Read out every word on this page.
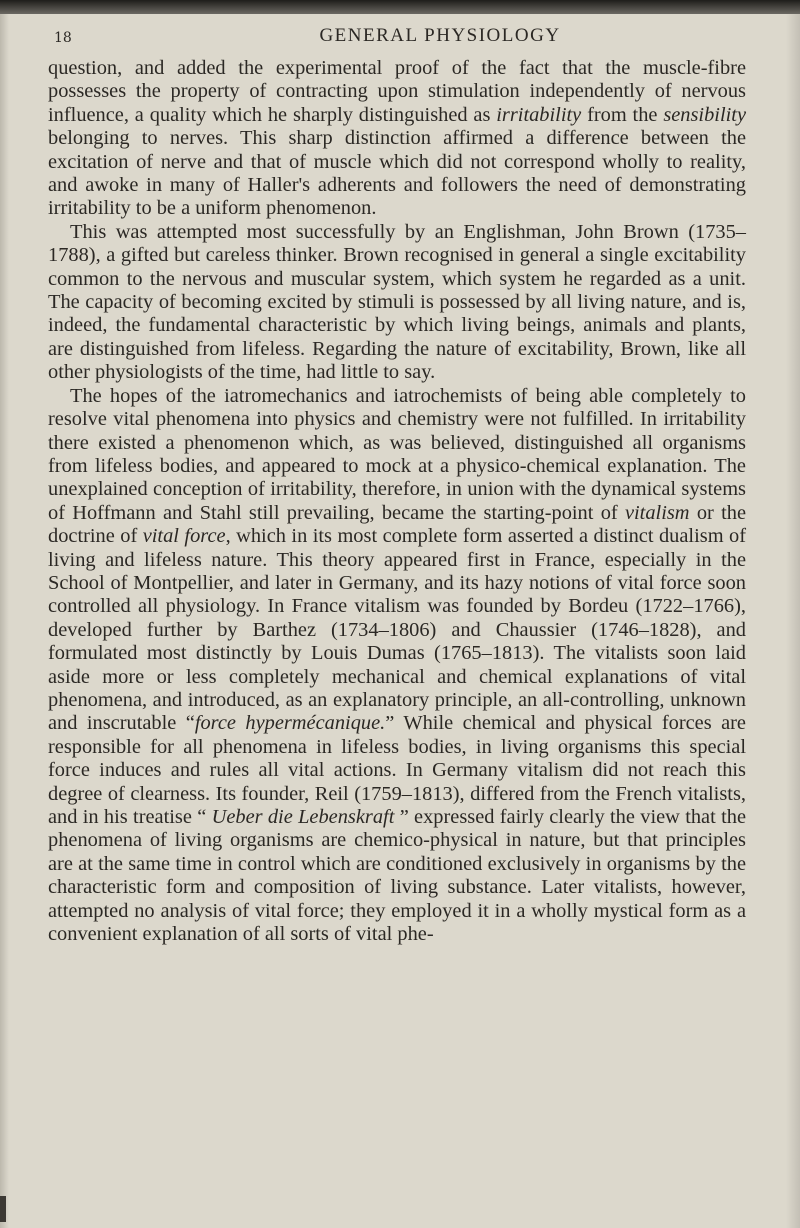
18	GENERAL PHYSIOLOGY

question, and added the experimental proof of the fact that the muscle-fibre possesses the property of contracting upon stimulation independently of nervous influence, a quality which he sharply distinguished as irritability from the sensibility belonging to nerves. This sharp distinction affirmed a difference between the excitation of nerve and that of muscle which did not correspond wholly to reality, and awoke in many of Haller's adherents and followers the need of demonstrating irritability to be a uniform phenomenon.

This was attempted most successfully by an Englishman, John Brown (1735–1788), a gifted but careless thinker. Brown recognised in general a single excitability common to the nervous and muscular system, which system he regarded as a unit. The capacity of becoming excited by stimuli is possessed by all living nature, and is, indeed, the fundamental characteristic by which living beings, animals and plants, are distinguished from lifeless. Regarding the nature of excitability, Brown, like all other physiologists of the time, had little to say.

The hopes of the iatromechanics and iatrochemists of being able completely to resolve vital phenomena into physics and chemistry were not fulfilled. In irritability there existed a phenomenon which, as was believed, distinguished all organisms from lifeless bodies, and appeared to mock at a physico-chemical explanation. The unexplained conception of irritability, therefore, in union with the dynamical systems of Hoffmann and Stahl still prevailing, became the starting-point of vitalism or the doctrine of vital force, which in its most complete form asserted a distinct dualism of living and lifeless nature. This theory appeared first in France, especially in the School of Montpellier, and later in Germany, and its hazy notions of vital force soon controlled all physiology. In France vitalism was founded by Bordeu (1722–1766), developed further by Barthez (1734–1806) and Chaussier (1746–1828), and formulated most distinctly by Louis Dumas (1765–1813). The vitalists soon laid aside more or less completely mechanical and chemical explanations of vital phenomena, and introduced, as an explanatory principle, an all-controlling, unknown and inscrutable “force hypermécanique.” While chemical and physical forces are responsible for all phenomena in lifeless bodies, in living organisms this special force induces and rules all vital actions. In Germany vitalism did not reach this degree of clearness. Its founder, Reil (1759–1813), differed from the French vitalists, and in his treatise “ Ueber die Lebenskraft ” expressed fairly clearly the view that the phenomena of living organisms are chemico-physical in nature, but that principles are at the same time in control which are conditioned exclusively in organisms by the characteristic form and composition of living substance. Later vitalists, however, attempted no analysis of vital force; they employed it in a wholly mystical form as a convenient explanation of all sorts of vital phe-
